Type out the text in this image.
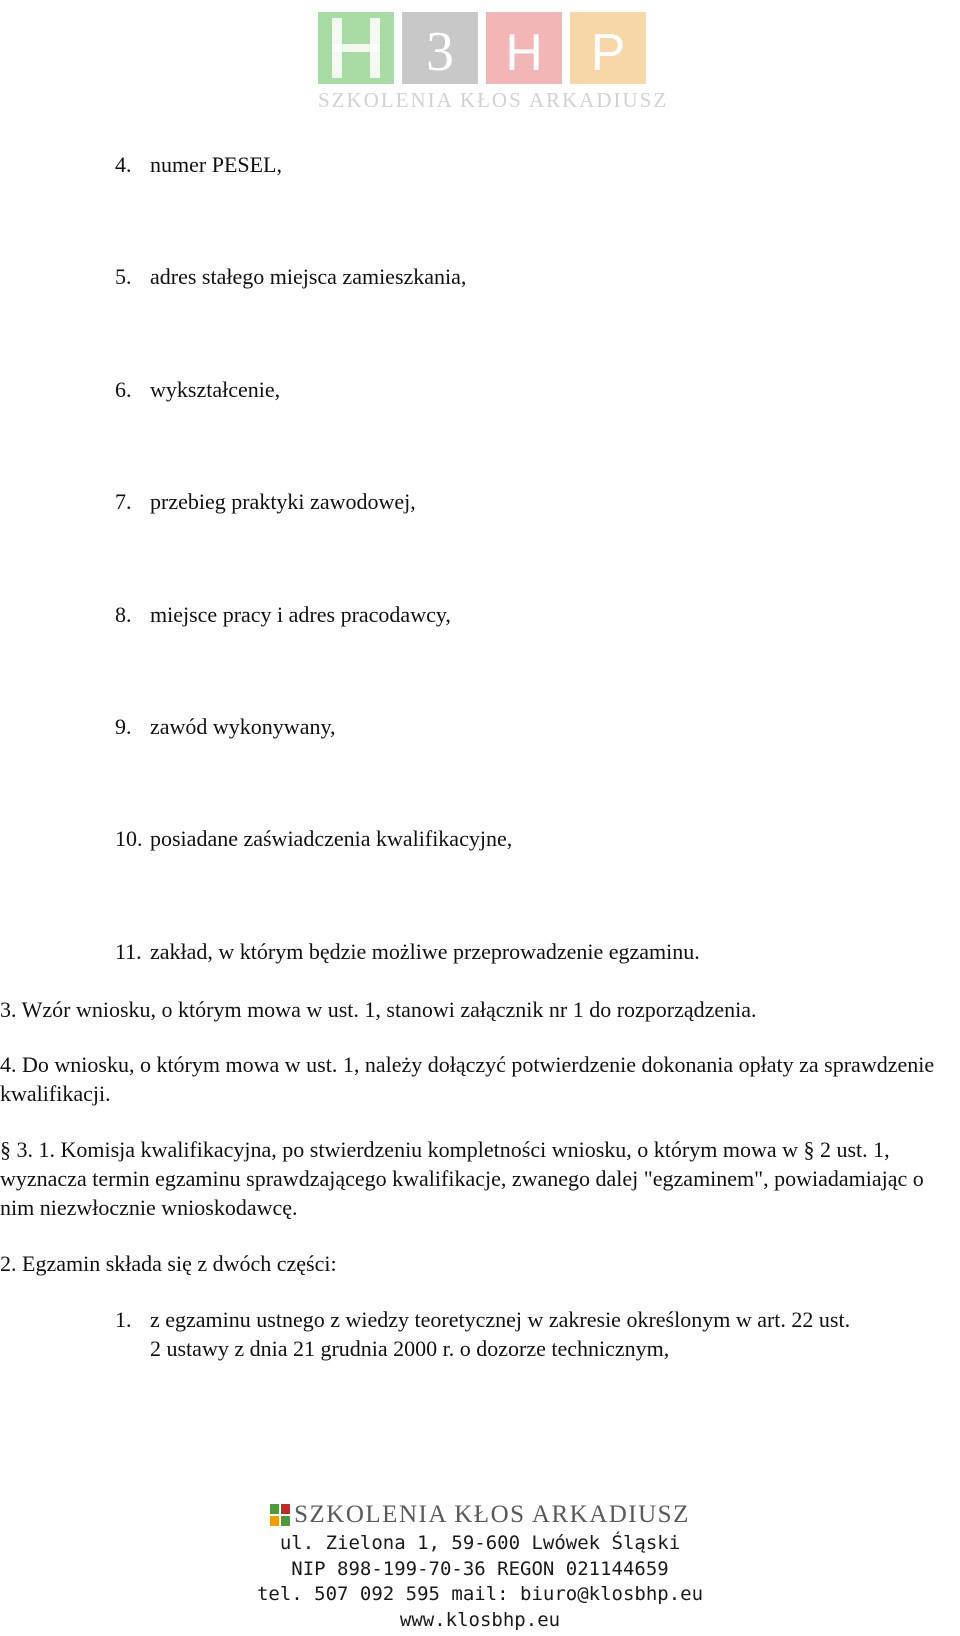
3 H P
SZKOLENIA KŁOS ARKADIUSZ
4. numer PESEL,
5. adres stałego miejsca zamieszkania,
6. wykształcenie,
7. przebieg praktyki zawodowej,
8. miejsce pracy i adres pracodawcy,
9. zawód wykonywany,
10. posiadane zaświadczenia kwalifikacyjne,
11. zakład, w którym będzie możliwe przeprowadzenie egzaminu.

3. Wzór wniosku, o którym mowa w ust. 1, stanowi załącznik nr 1 do rozporządzenia.

4. Do wniosku, o którym mowa w ust. 1, należy dołączyć potwierdzenie dokonania opłaty za sprawdzenie kwalifikacji.

§ 3. 1. Komisja kwalifikacyjna, po stwierdzeniu kompletności wniosku, o którym mowa w § 2 ust. 1, wyznacza termin egzaminu sprawdzającego kwalifikacje, zwanego dalej "egzaminem", powiadamiając o nim niezwłocznie wnioskodawcę.

2. Egzamin składa się z dwóch części:

1. z egzaminu ustnego z wiedzy teoretycznej w zakresie określonym w art. 22 ust.
2 ustawy z dnia 21 grudnia 2000 r. o dozorze technicznym,
SZKOLENIA KŁOS ARKADIUSZ
ul. Zielona 1, 59-600 Lwówek Śląski
NIP 898-199-70-36 REGON 021144659
tel. 507 092 595 mail: biuro@klosbhp.eu
www.klosbhp.eu
